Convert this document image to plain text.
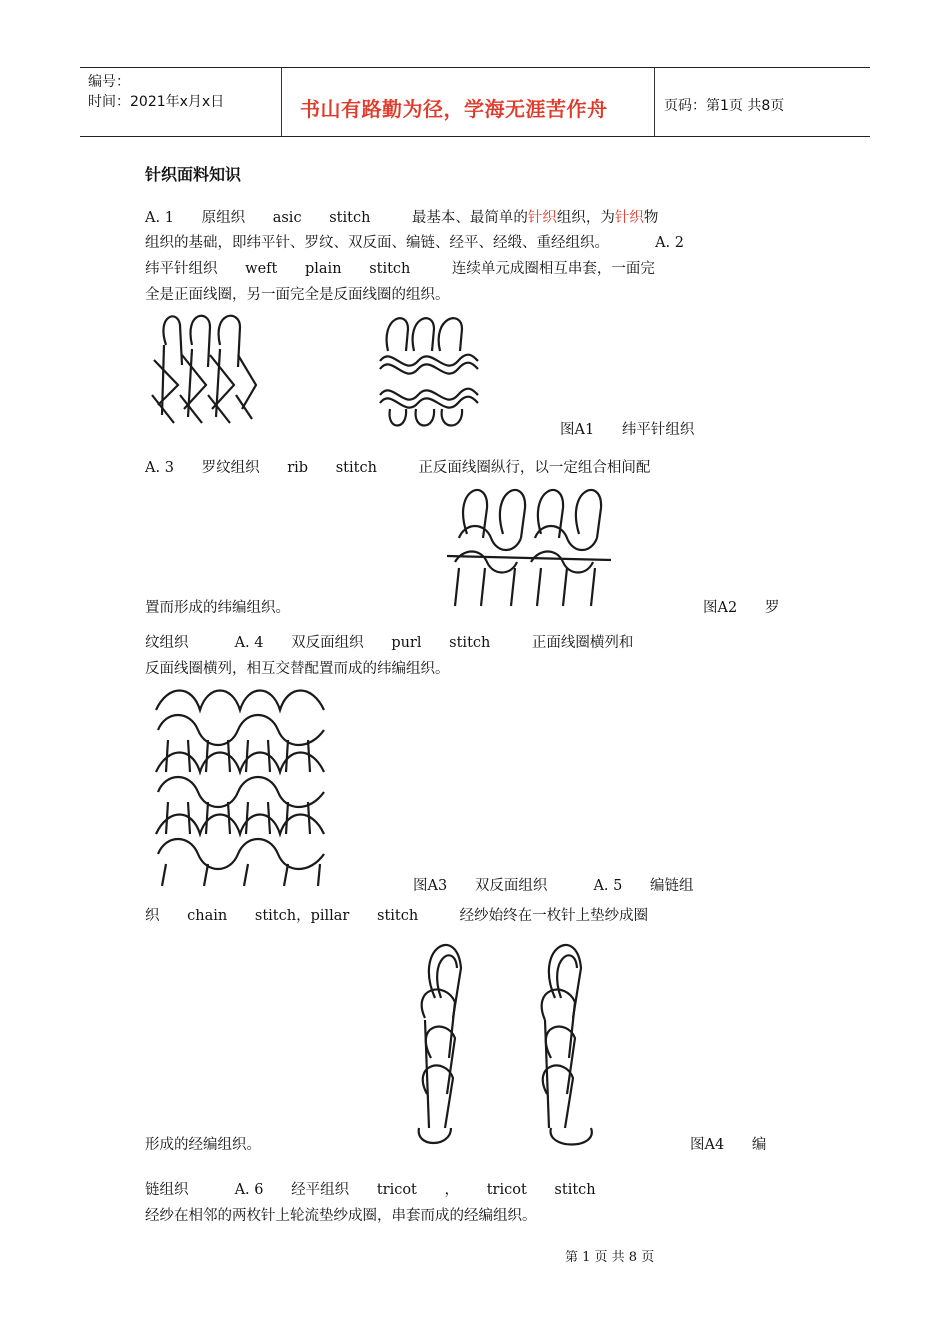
编号：
时间：2021年x月x日	书山有路勤为径，学海无涯苦作舟	页码：第1页 共8页
针织面料知识
A. 1      原组织      asic      stitch         最基本、最简单的针织组织，为针织物
组织的基础，即纬平针、罗纹、双反面、编链、经平、经缎、重经组织。          A. 2
纬平针组织      weft      plain      stitch         连续单元成圈相互串套，一面完
全是正面线圈，另一面完全是反面线圈的组织。
图A1      纬平针组织
A. 3      罗纹组织      rib      stitch         正反面线圈纵行，以一定组合相间配
置而形成的纬编组织。	图A2      罗
纹组织          A. 4      双反面组织      purl      stitch         正面线圈横列和
反面线圈横列，相互交替配置而成的纬编组织。
图A3      双反面组织          A. 5      编链组
织      chain      stitch，pillar      stitch         经纱始终在一枚针上垫纱成圈
形成的经编组织。	图A4      编
链组织          A. 6      经平组织      tricot      ，      tricot      stitch
经纱在相邻的两枚针上轮流垫纱成圈，串套而成的经编组织。
第 1 页 共 8 页
